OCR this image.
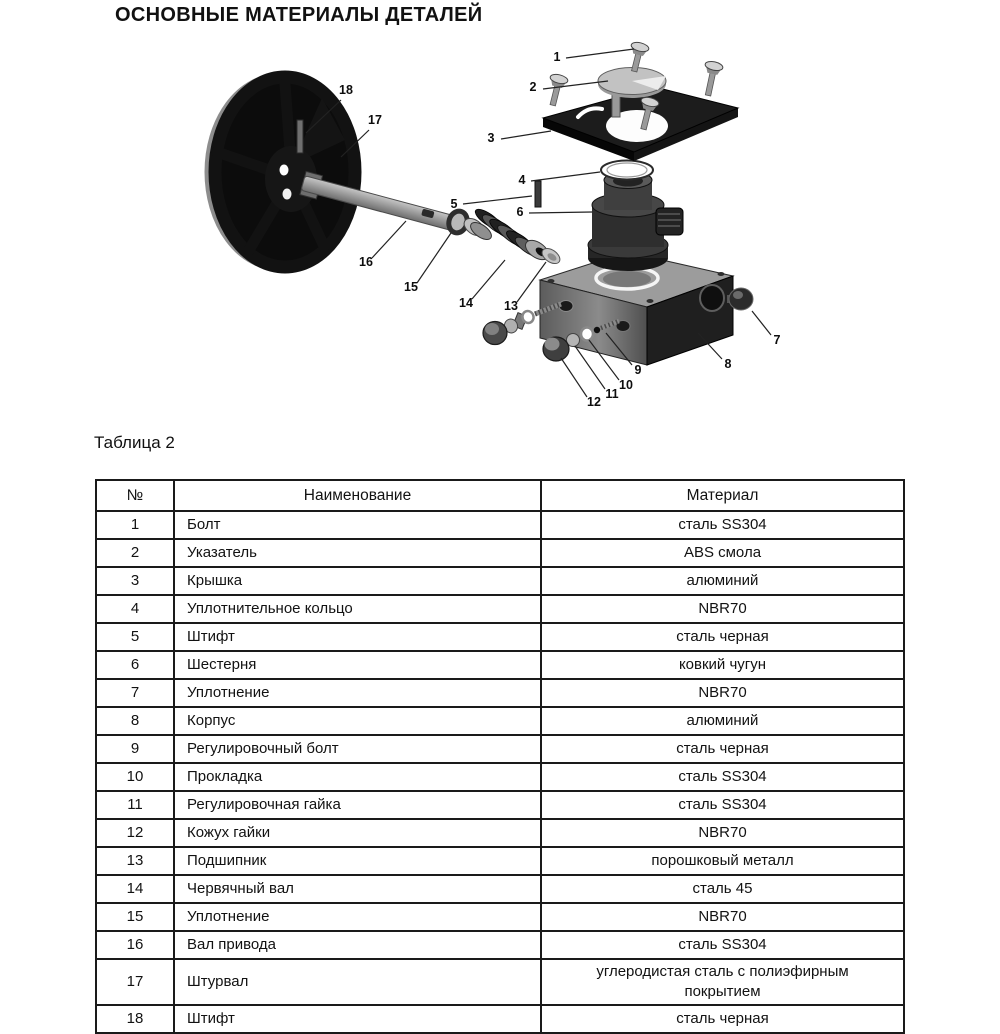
ОСНОВНЫЕ МАТЕРИАЛЫ ДЕТАЛЕЙ
1
2
3
4
5
6
7
8
9
10
11
12
13
14
15
16
17
18
Таблица 2
№	Наименование	Материал
1	Болт	сталь SS304
2	Указатель	ABS смола
3	Крышка	алюминий
4	Уплотнительное кольцо	NBR70
5	Штифт	сталь черная
6	Шестерня	ковкий чугун
7	Уплотнение	NBR70
8	Корпус	алюминий
9	Регулировочный болт	сталь черная
10	Прокладка	сталь SS304
11	Регулировочная гайка	сталь SS304
12	Кожух гайки	NBR70
13	Подшипник	порошковый металл
14	Червячный вал	сталь 45
15	Уплотнение	NBR70
16	Вал привода	сталь SS304
17	Штурвал	углеродистая сталь с полиэфирным покрытием
18	Штифт	сталь черная
